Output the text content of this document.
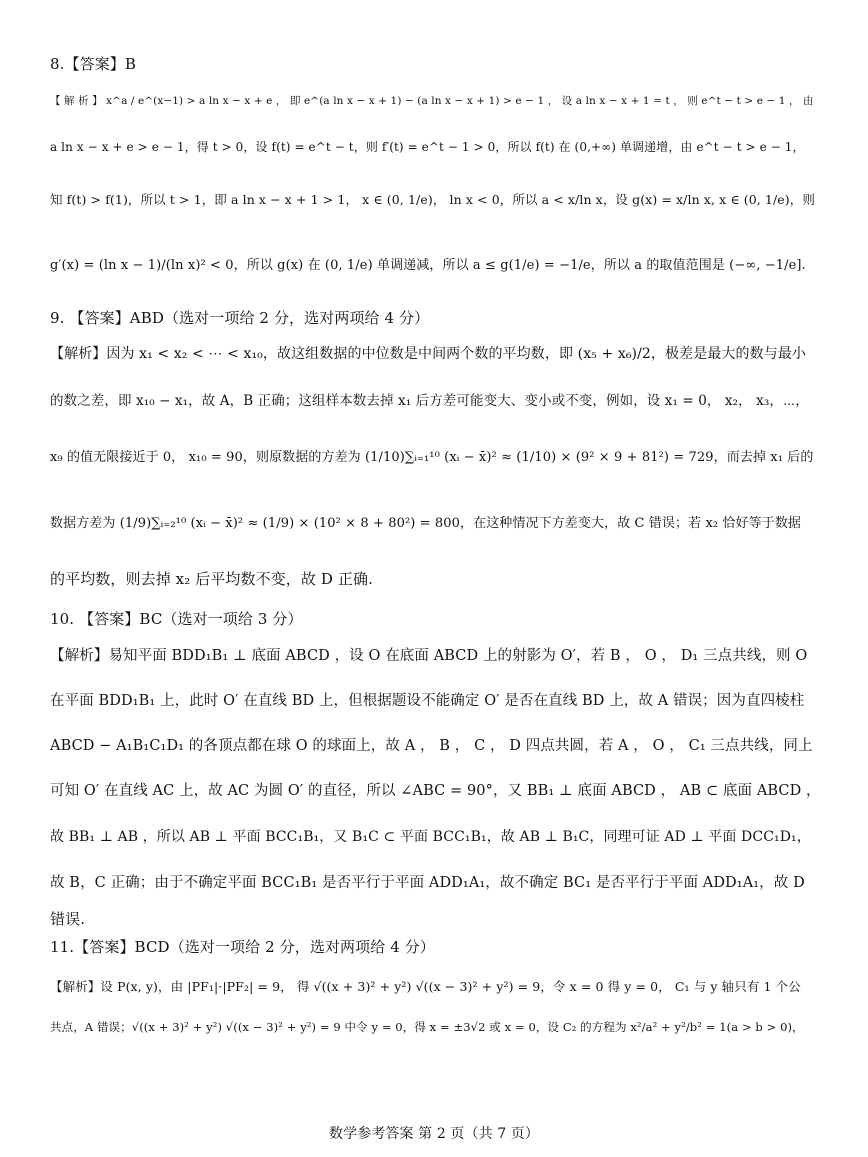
8.【答案】B
【 解 析 】 x^a / e^(x−1) > a ln x − x + e ， 即 e^(a ln x − x + 1) − (a ln x − x + 1) > e − 1 ， 设 a ln x − x + 1 = t ， 则 e^t − t > e − 1 ， 由
a ln x − x + e > e − 1，得 t > 0，设 f(t) = e^t − t，则 f′(t) = e^t − 1 > 0，所以 f(t) 在 (0,+∞) 单调递增，由 e^t − t > e − 1，
知 f(t) > f(1)，所以 t > 1，即 a ln x − x + 1 > 1， x ∈ (0, 1/e)， ln x < 0，所以 a < x/ln x，设 g(x) = x/ln x, x ∈ (0, 1/e)，则
g′(x) = (ln x − 1)/(ln x)² < 0，所以 g(x) 在 (0, 1/e) 单调递减，所以 a ≤ g(1/e) = −1/e，所以 a 的取值范围是 (−∞, −1/e].
9. 【答案】ABD（选对一项给 2 分，选对两项给 4 分）
【解析】因为 x₁ < x₂ < ⋯ < x₁₀，故这组数据的中位数是中间两个数的平均数，即 (x₅ + x₆)/2，极差是最大的数与最小
的数之差，即 x₁₀ − x₁，故 A，B 正确；这组样本数去掉 x₁ 后方差可能变大、变小或不变，例如，设 x₁ = 0， x₂， x₃，⋯，
x₉ 的值无限接近于 0， x₁₀ = 90，则原数据的方差为 (1/10)∑ᵢ₌₁¹⁰ (xᵢ − x̄)² ≈ (1/10) × (9² × 9 + 81²) = 729，而去掉 x₁ 后的
数据方差为 (1/9)∑ᵢ₌₂¹⁰ (xᵢ − x̄)² ≈ (1/9) × (10² × 8 + 80²) = 800，在这种情况下方差变大，故 C 错误；若 x₂ 恰好等于数据
的平均数，则去掉 x₂ 后平均数不变，故 D 正确.
10. 【答案】BC（选对一项给 3 分）
【解析】易知平面 BDD₁B₁ ⊥ 底面 ABCD ，设 O 在底面 ABCD 上的射影为 O′，若 B ， O ， D₁ 三点共线，则 O
在平面 BDD₁B₁ 上，此时 O′ 在直线 BD 上，但根据题设不能确定 O′ 是否在直线 BD 上，故 A 错误；因为直四棱柱
ABCD − A₁B₁C₁D₁ 的各顶点都在球 O 的球面上，故 A ， B ， C ， D 四点共圆，若 A ， O ， C₁ 三点共线，同上
可知 O′ 在直线 AC 上，故 AC 为圆 O′ 的直径，所以 ∠ABC = 90°，又 BB₁ ⊥ 底面 ABCD ， AB ⊂ 底面 ABCD ，
故 BB₁ ⊥ AB ，所以 AB ⊥ 平面 BCC₁B₁，又 B₁C ⊂ 平面 BCC₁B₁，故 AB ⊥ B₁C，同理可证 AD ⊥ 平面 DCC₁D₁，
故 B，C 正确；由于不确定平面 BCC₁B₁ 是否平行于平面 ADD₁A₁，故不确定 BC₁ 是否平行于平面 ADD₁A₁，故 D
错误.
11.【答案】BCD（选对一项给 2 分，选对两项给 4 分）
【解析】设 P(x, y)，由 |PF₁|·|PF₂| = 9， 得 √((x + 3)² + y²) √((x − 3)² + y²) = 9，令 x = 0 得 y = 0， C₁ 与 y 轴只有 1 个公
共点，A 错误；√((x + 3)² + y²) √((x − 3)² + y²) = 9 中令 y = 0，得 x = ±3√2 或 x = 0，设 C₂ 的方程为 x²/a² + y²/b² = 1(a > b > 0)，
数学参考答案 第 2 页（共 7 页）
